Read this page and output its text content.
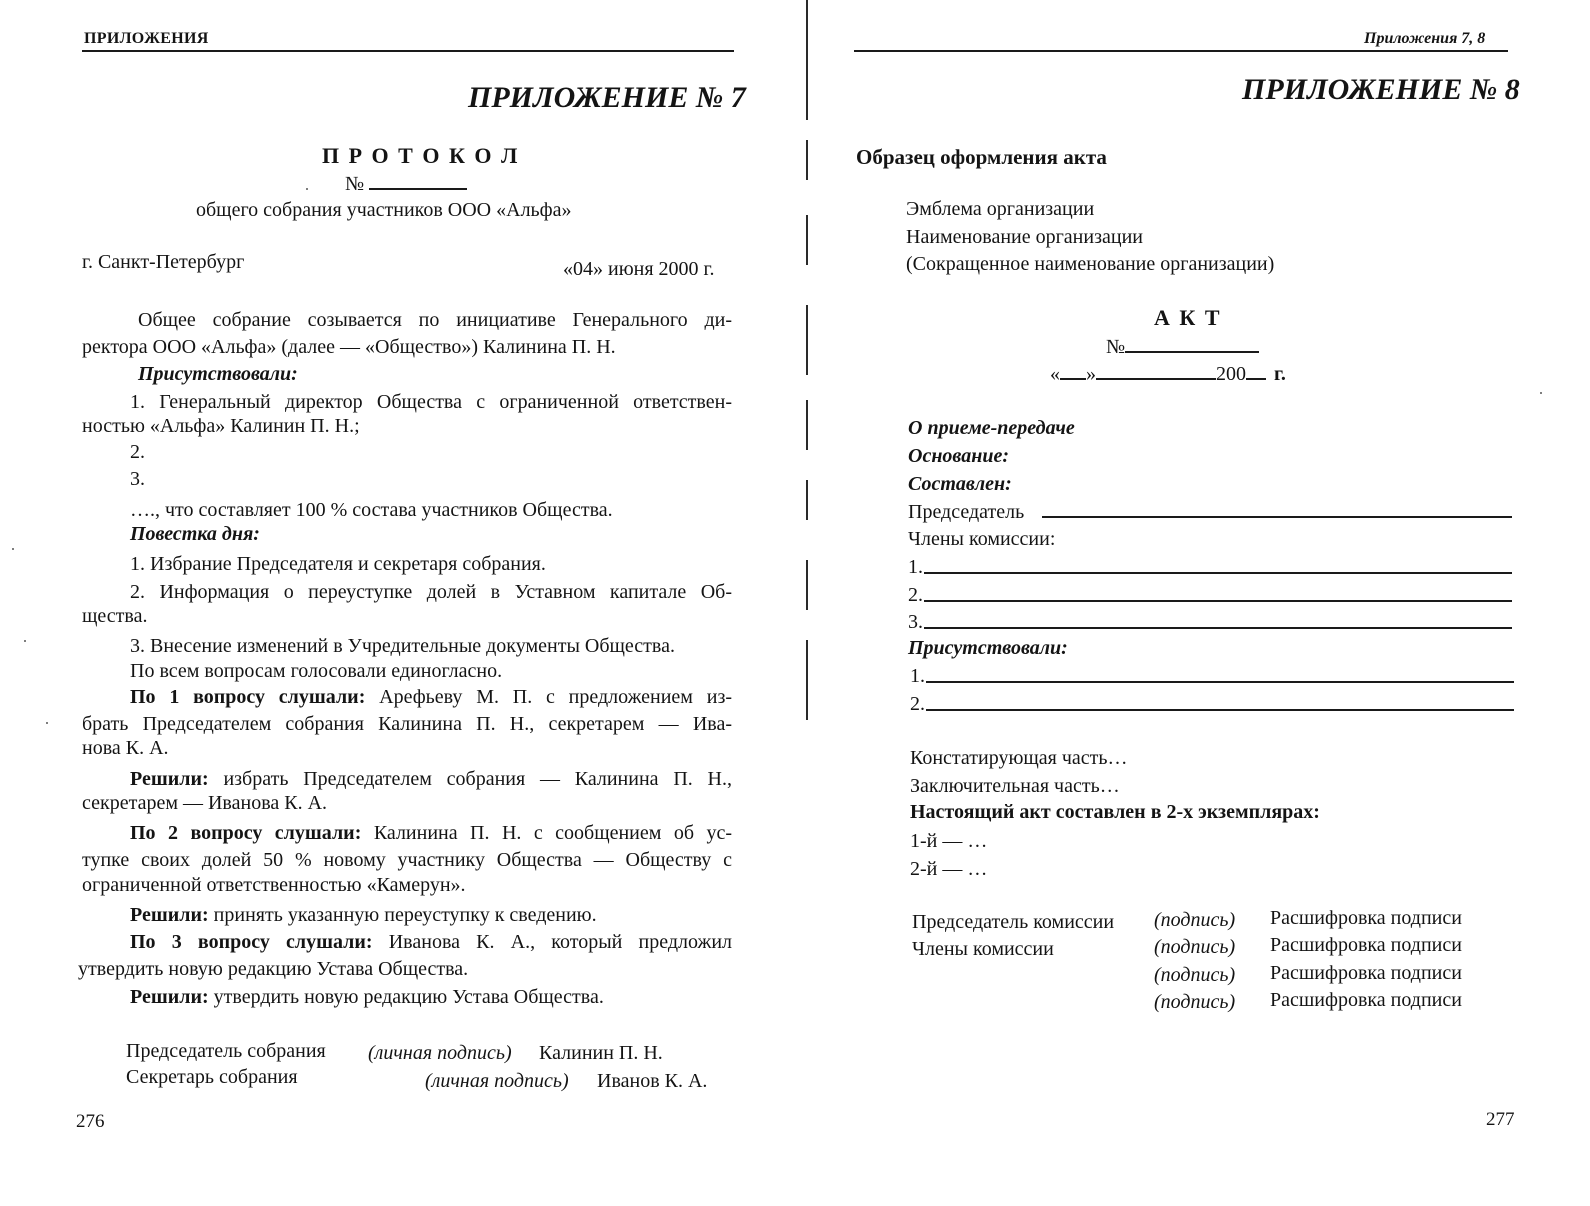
ПРИЛОЖЕНИЯ
ПРИЛОЖЕНИЕ № 7
П Р О Т О К О Л
№
общего собрания участников ООО «Альфа»
г. Санкт-Петербург	«04» июня 2000 г.
Общее собрание созывается по инициативе Генерального ди-
ректора ООО «Альфа» (далее — «Общество») Калинина П. Н.
Присутствовали:
1. Генеральный директор Общества с ограниченной ответствен-
ностью «Альфа» Калинин П. Н.;
2.
3.
…., что составляет 100 % состава участников Общества.
Повестка дня:
1. Избрание Председателя и секретаря собрания.
2. Информация о переуступке долей в Уставном капитале Об-
щества.
3. Внесение изменений в Учредительные документы Общества.
По всем вопросам голосовали единогласно.
По 1 вопросу слушали: Арефьеву М. П. с предложением из-
брать Председателем собрания Калинина П. Н., секретарем — Ива-
нова К. А.
Решили: избрать Председателем собрания — Калинина П. Н.,
секретарем — Иванова К. А.
По 2 вопросу слушали: Калинина П. Н. с сообщением об ус-
тупке своих долей 50 % новому участнику Общества — Обществу с
ограниченной ответственностью «Камерун».
Решили: принять указанную переуступку к сведению.
По 3 вопросу слушали: Иванова К. А., который предложил
утвердить новую редакцию Устава Общества.
Решили: утвердить новую редакцию Устава Общества.
Председатель собрания (личная подпись) Калинин П. Н.
Секретарь собрания	(личная подпись) Иванов К. А.
276
Приложения 7, 8
ПРИЛОЖЕНИЕ № 8
Образец оформления акта
Эмблема организации
Наименование организации
(Сокращенное наименование организации)
А К Т
№
« »	200 г.
О приеме-передаче
Основание:
Составлен:
Председатель
Члены комиссии:
1.
2.
3.
Присутствовали:
1.
2.
Констатирующая часть…
Заключительная часть…
Настоящий акт составлен в 2-х экземплярах:
1-й — …
2-й — …
Председатель комиссии (подпись) Расшифровка подписи
Члены комиссии	(подпись) Расшифровка подписи
(подпись) Расшифровка подписи
(подпись) Расшифровка подписи
277
